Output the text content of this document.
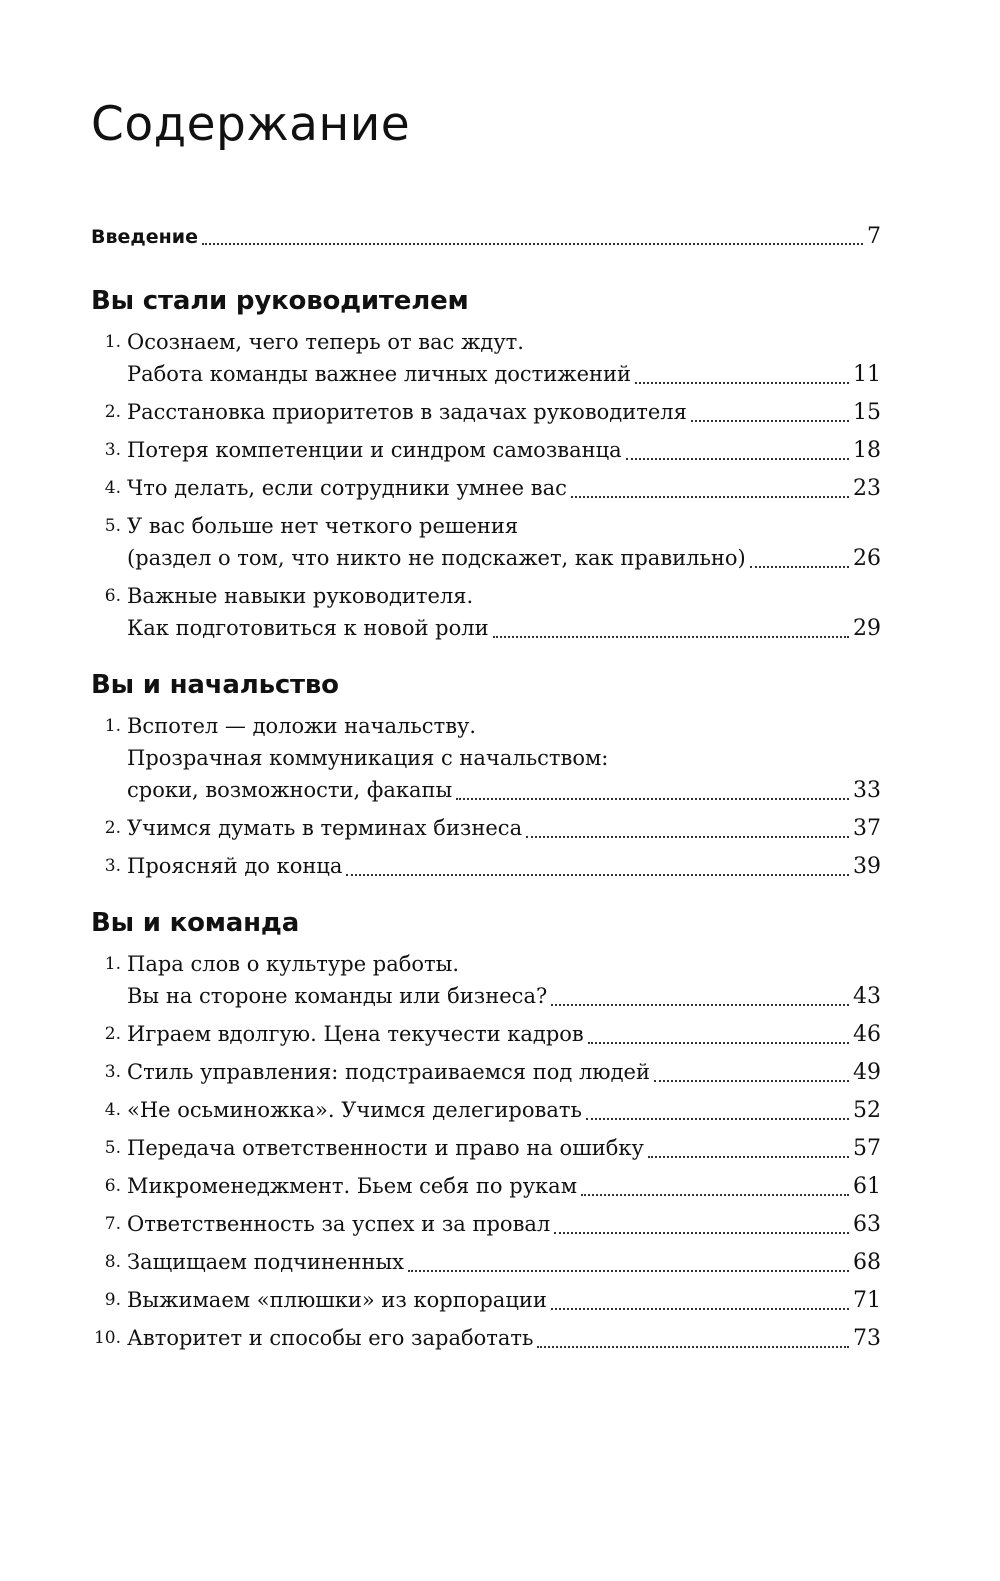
Содержание
Введение	7
Вы стали руководителем
1. Осознаем, чего теперь от вас ждут.
Работа команды важнее личных достижений	11
2. Расстановка приоритетов в задачах руководителя	15
3. Потеря компетенции и синдром самозванца	18
4. Что делать, если сотрудники умнее вас	23
5. У вас больше нет четкого решения
(раздел о том, что никто не подскажет, как правильно)	26
6. Важные навыки руководителя.
Как подготовиться к новой роли	29
Вы и начальство
1. Вспотел — доложи начальству.
Прозрачная коммуникация с начальством:
сроки, возможности, факапы	33
2. Учимся думать в терминах бизнеса	37
3. Проясняй до конца	39
Вы и команда
1. Пара слов о культуре работы.
Вы на стороне команды или бизнеса?	43
2. Играем вдолгую. Цена текучести кадров	46
3. Стиль управления: подстраиваемся под людей	49
4. «Не осьминожка». Учимся делегировать	52
5. Передача ответственности и право на ошибку	57
6. Микроменеджмент. Бьем себя по рукам	61
7. Ответственность за успех и за провал	63
8. Защищаем подчиненных	68
9. Выжимаем «плюшки» из корпорации	71
10. Авторитет и способы его заработать	73
